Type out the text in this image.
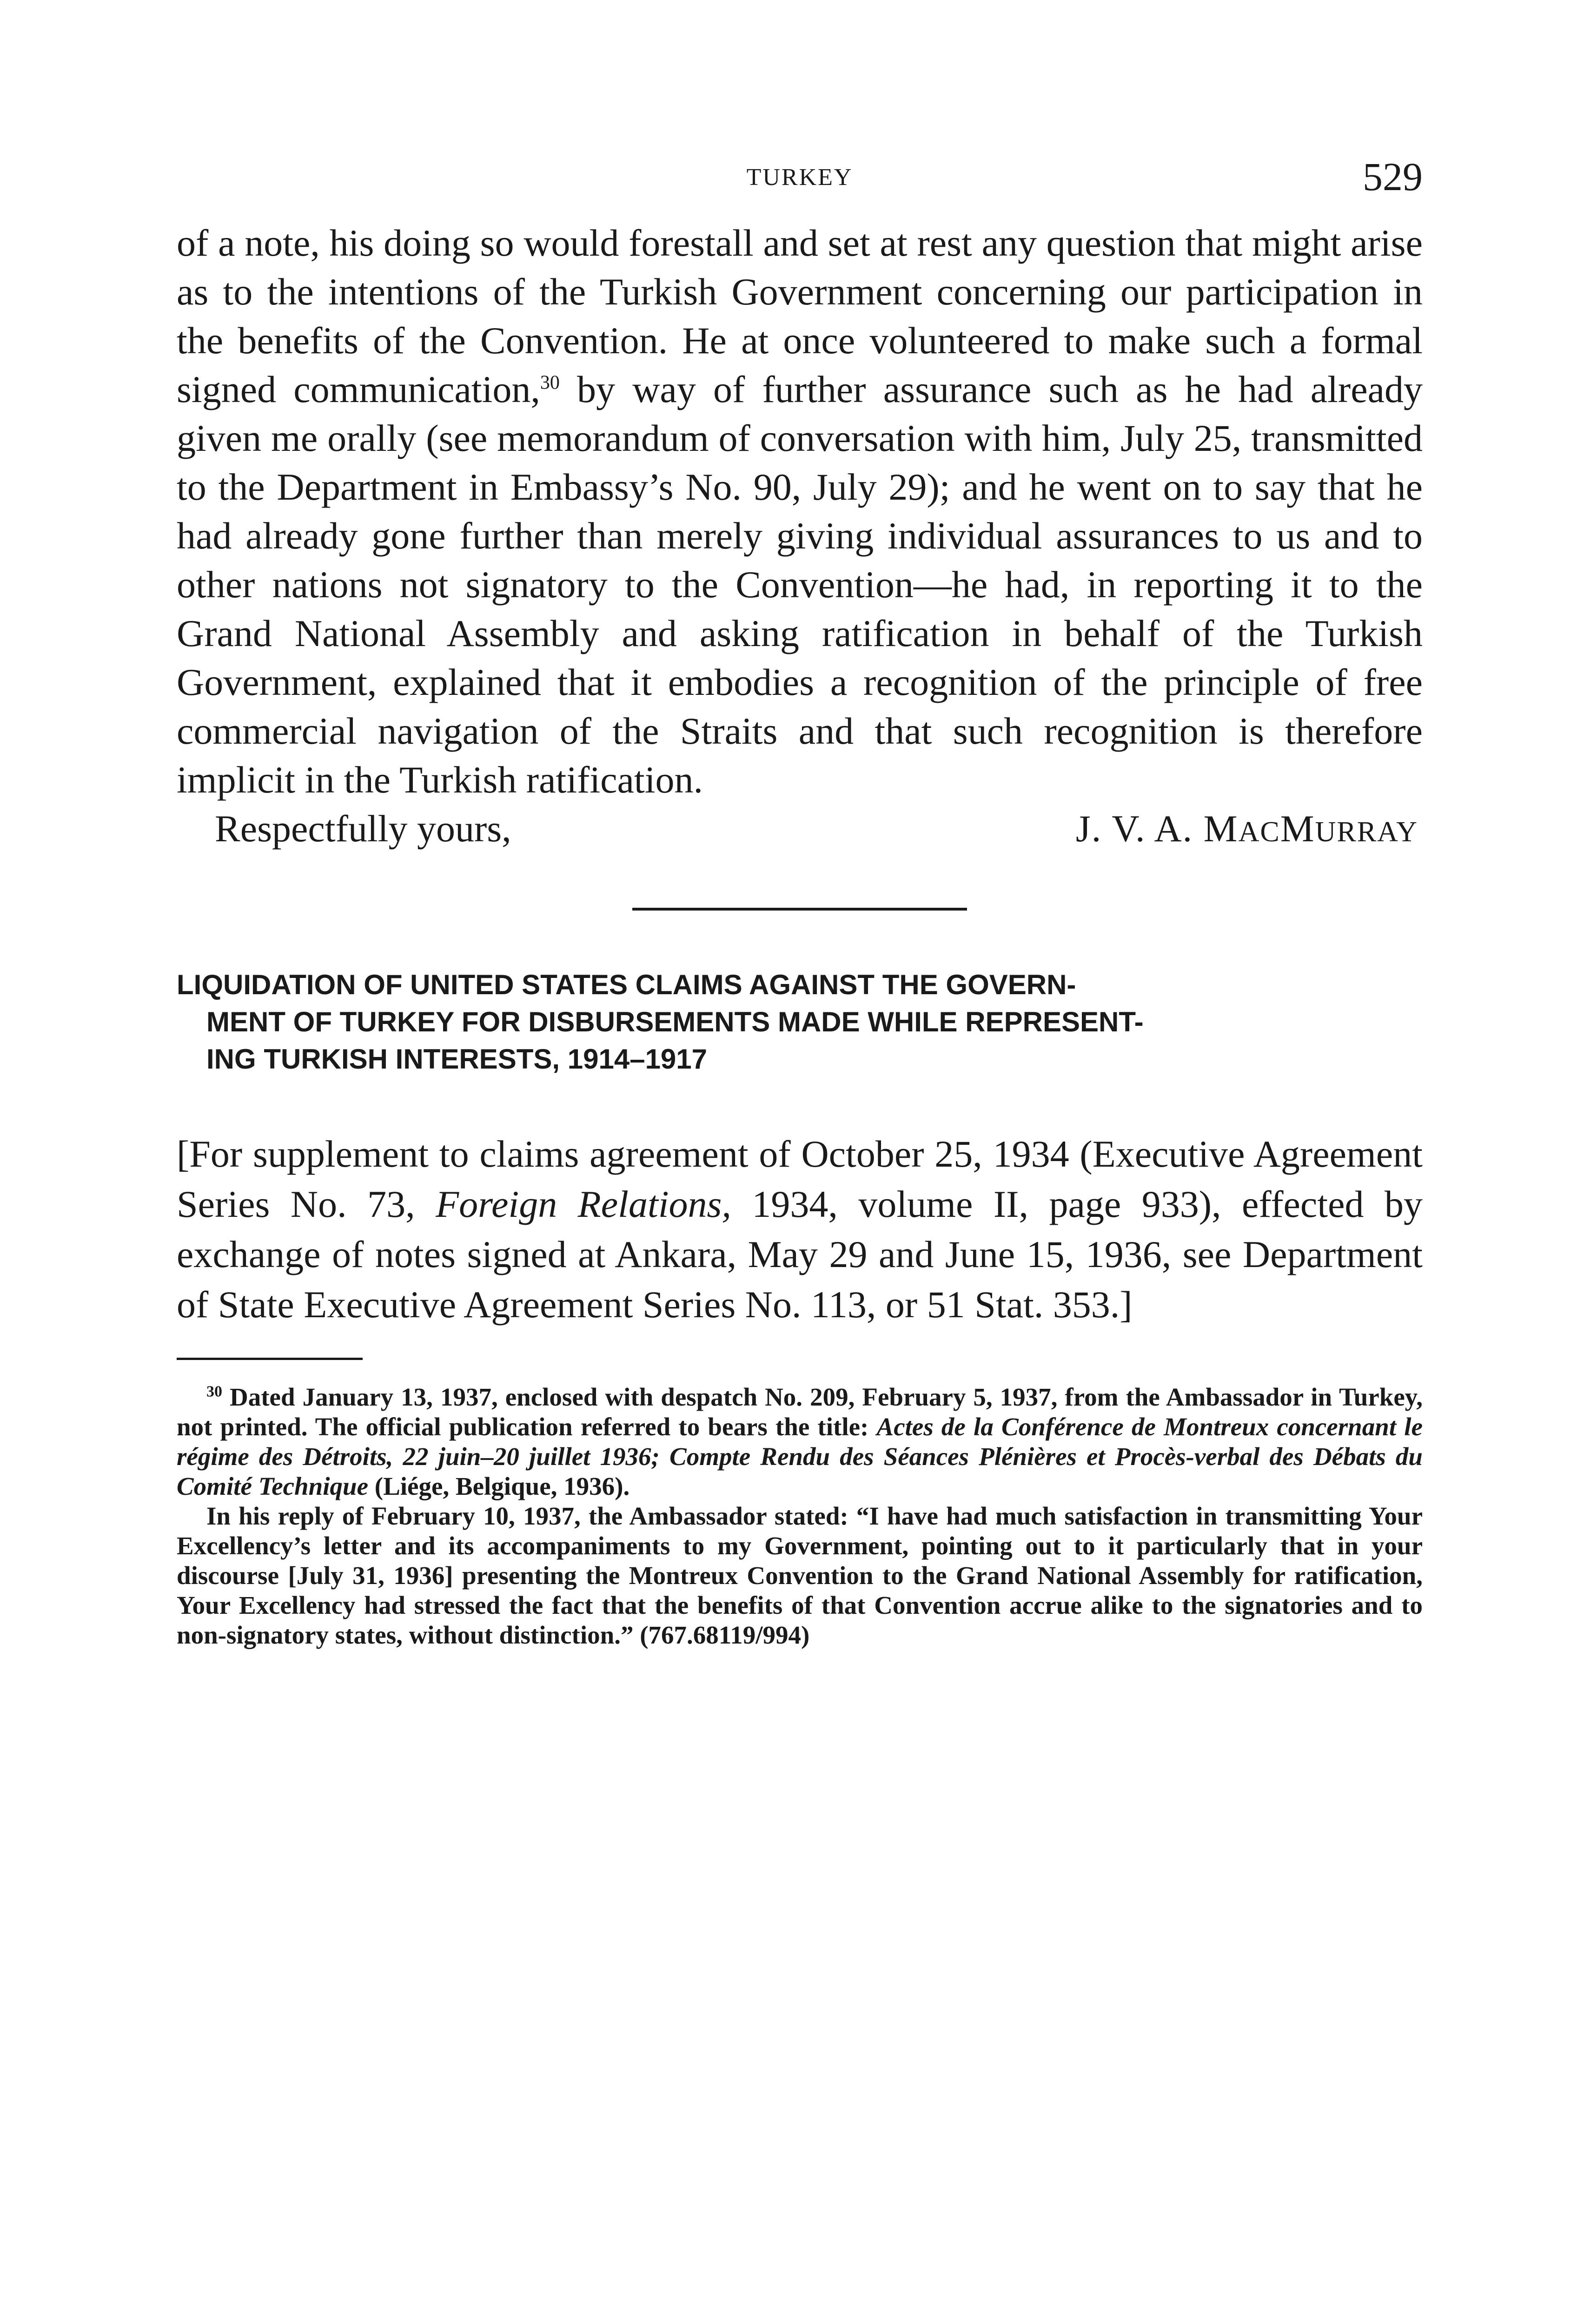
TURKEY	529

of a note, his doing so would forestall and set at rest any question that might arise as to the intentions of the Turkish Government concerning our participation in the benefits of the Convention. He at once volunteered to make such a formal signed communication,$^{30}$ by way of further assurance such as he had already given me orally (see memorandum of conversation with him, July 25, transmitted to the Department in Embassy’s No. 90, July 29); and he went on to say that he had already gone further than merely giving individual assurances to us and to other nations not signatory to the Convention—he had, in reporting it to the Grand National Assembly and asking ratification in behalf of the Turkish Government, explained that it embodies a recognition of the principle of free commercial navigation of the Straits and that such recognition is therefore implicit in the Turkish ratification.

Respectfully yours,	J. V. A. MACMURRAY
LIQUIDATION OF UNITED STATES CLAIMS AGAINST THE GOVERN-
MENT OF TURKEY FOR DISBURSEMENTS MADE WHILE REPRESENT-
ING TURKISH INTERESTS, 1914–1917
[For supplement to claims agreement of October 25, 1934 (Executive Agreement Series No. 73, Foreign Relations, 1934, volume II, page 933), effected by exchange of notes signed at Ankara, May 29 and June 15, 1936, see Department of State Executive Agreement Series No. 113, or 51 Stat. 353.]

$^{30}$ Dated January 13, 1937, enclosed with despatch No. 209, February 5, 1937, from the Ambassador in Turkey, not printed. The official publication referred to bears the title: Actes de la Conférence de Montreux concernant le régime des Détroits, 22 juin–20 juillet 1936; Compte Rendu des Séances Plénières et Procès-verbal des Débats du Comité Technique (Liége, Belgique, 1936).

In his reply of February 10, 1937, the Ambassador stated: “I have had much satisfaction in transmitting Your Excellency’s letter and its accompaniments to my Government, pointing out to it particularly that in your discourse [July 31, 1936] presenting the Montreux Convention to the Grand National Assembly for ratification, Your Excellency had stressed the fact that the benefits of that Convention accrue alike to the signatories and to non-signatory states, without distinction.” (767.68119/994)
